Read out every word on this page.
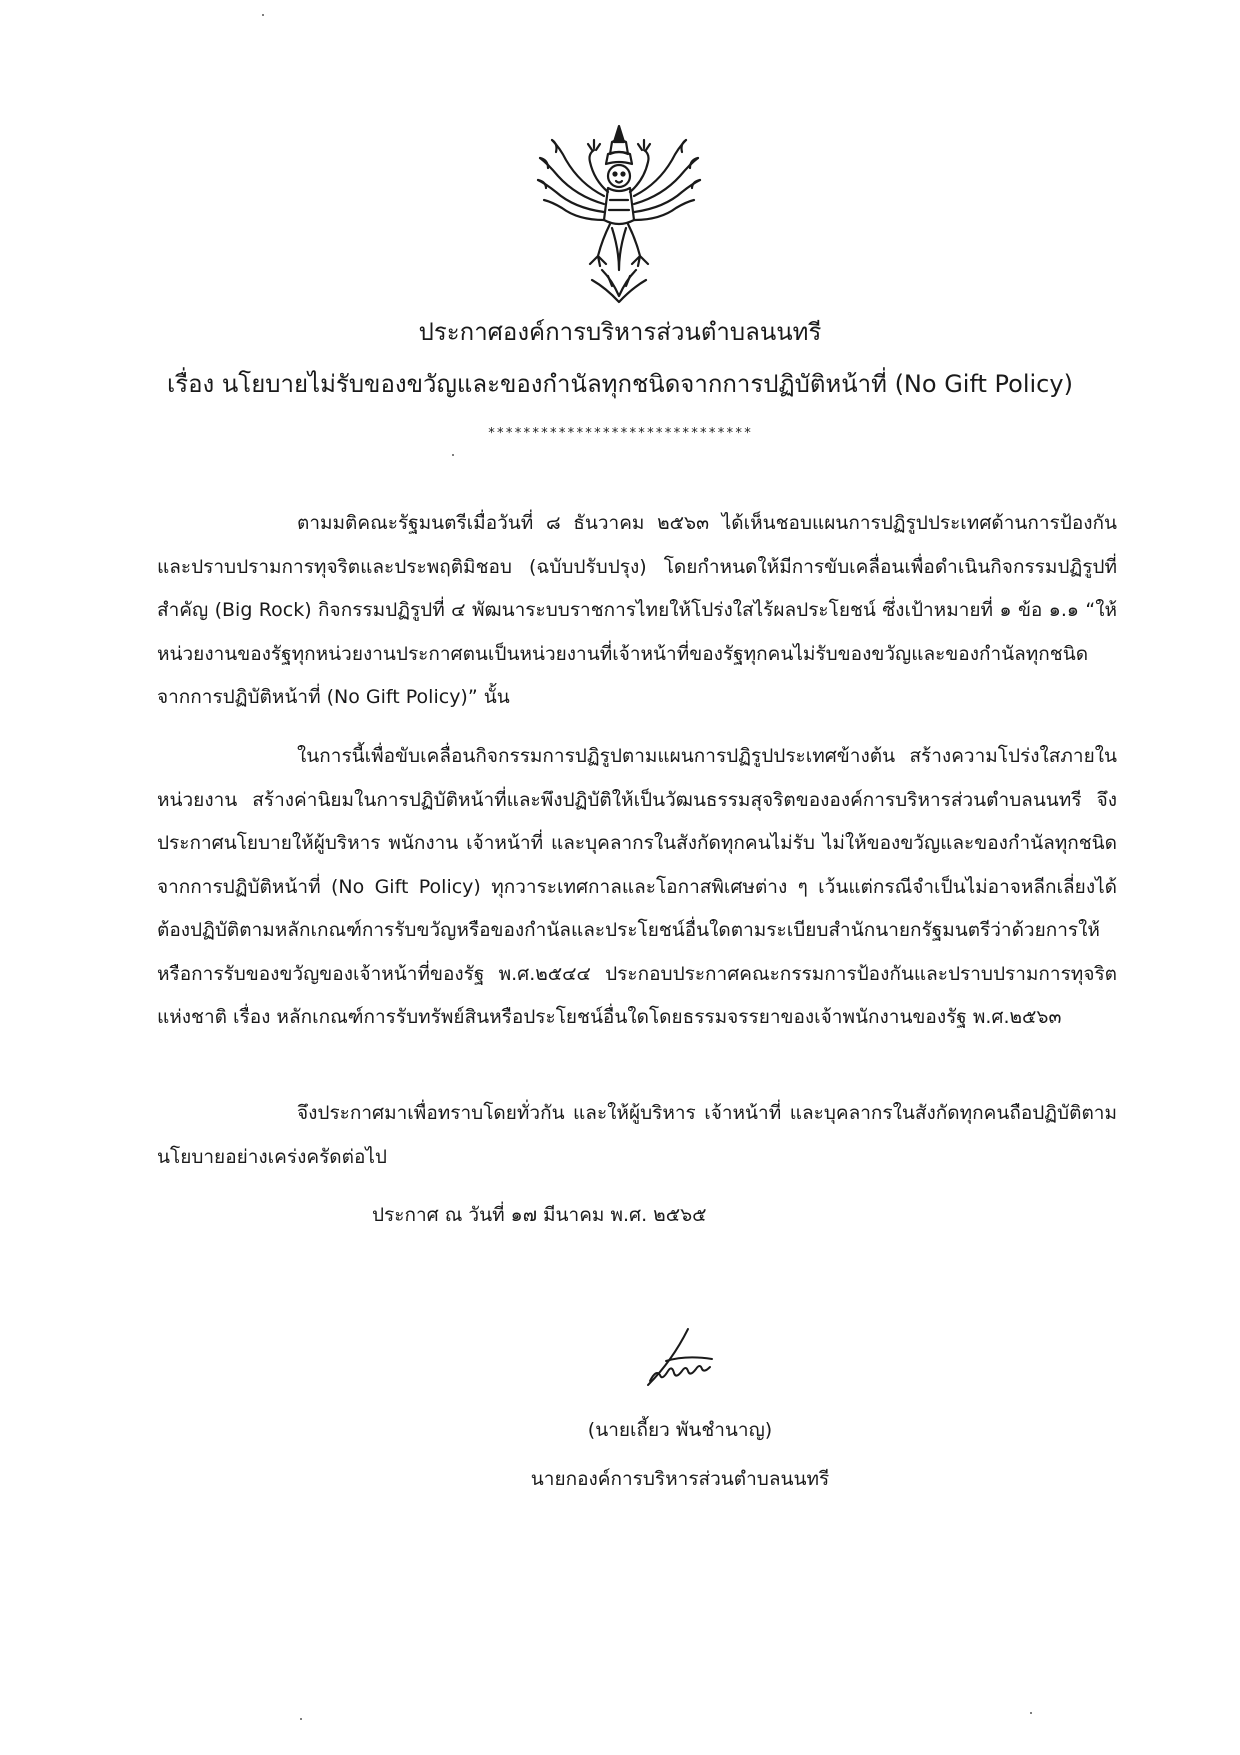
ประกาศองค์การบริหารส่วนตำบลนนทรี
เรื่อง นโยบายไม่รับของขวัญและของกำนัลทุกชนิดจากการปฏิบัติหน้าที่ (No Gift Policy)
******************************

ตามมติคณะรัฐมนตรีเมื่อวันที่ ๘ ธันวาคม ๒๕๖๓ ได้เห็นชอบแผนการปฏิรูปประเทศด้านการป้องกันและปราบปรามการทุจริตและประพฤติมิชอบ (ฉบับปรับปรุง) โดยกำหนดให้มีการขับเคลื่อนเพื่อดำเนินกิจกรรมปฏิรูปที่สำคัญ (Big Rock) กิจกรรมปฏิรูปที่ ๔ พัฒนาระบบราชการไทยให้โปร่งใสไร้ผลประโยชน์ ซึ่งเป้าหมายที่ ๑ ข้อ ๑.๑ “ให้หน่วยงานของรัฐทุกหน่วยงานประกาศตนเป็นหน่วยงานที่เจ้าหน้าที่ของรัฐทุกคนไม่รับของขวัญและของกำนัลทุกชนิดจากการปฏิบัติหน้าที่ (No Gift Policy)” นั้น

ในการนี้เพื่อขับเคลื่อนกิจกรรมการปฏิรูปตามแผนการปฏิรูปประเทศข้างต้น สร้างความโปร่งใสภายในหน่วยงาน สร้างค่านิยมในการปฏิบัติหน้าที่และพึงปฏิบัติให้เป็นวัฒนธรรมสุจริตขององค์การบริหารส่วนตำบลนนทรี จึงประกาศนโยบายให้ผู้บริหาร พนักงาน เจ้าหน้าที่ และบุคลากรในสังกัดทุกคนไม่รับ ไม่ให้ของขวัญและของกำนัลทุกชนิดจากการปฏิบัติหน้าที่ (No Gift Policy) ทุกวาระเทศกาลและโอกาสพิเศษต่าง ๆ เว้นแต่กรณีจำเป็นไม่อาจหลีกเลี่ยงได้ ต้องปฏิบัติตามหลักเกณฑ์การรับขวัญหรือของกำนัลและประโยชน์อื่นใดตามระเบียบสำนักนายกรัฐมนตรีว่าด้วยการให้หรือการรับของขวัญของเจ้าหน้าที่ของรัฐ พ.ศ.๒๕๔๔ ประกอบประกาศคณะกรรมการป้องกันและปราบปรามการทุจริตแห่งชาติ เรื่อง หลักเกณฑ์การรับทรัพย์สินหรือประโยชน์อื่นใดโดยธรรมจรรยาของเจ้าพนักงานของรัฐ พ.ศ.๒๕๖๓

จึงประกาศมาเพื่อทราบโดยทั่วกัน และให้ผู้บริหาร เจ้าหน้าที่ และบุคลากรในสังกัดทุกคนถือปฏิบัติตามนโยบายอย่างเคร่งครัดต่อไป

ประกาศ ณ วันที่ ๑๗ มีนาคม พ.ศ. ๒๕๖๕
(นายเถี้ยว พันชำนาญ)
นายกองค์การบริหารส่วนตำบลนนทรี
